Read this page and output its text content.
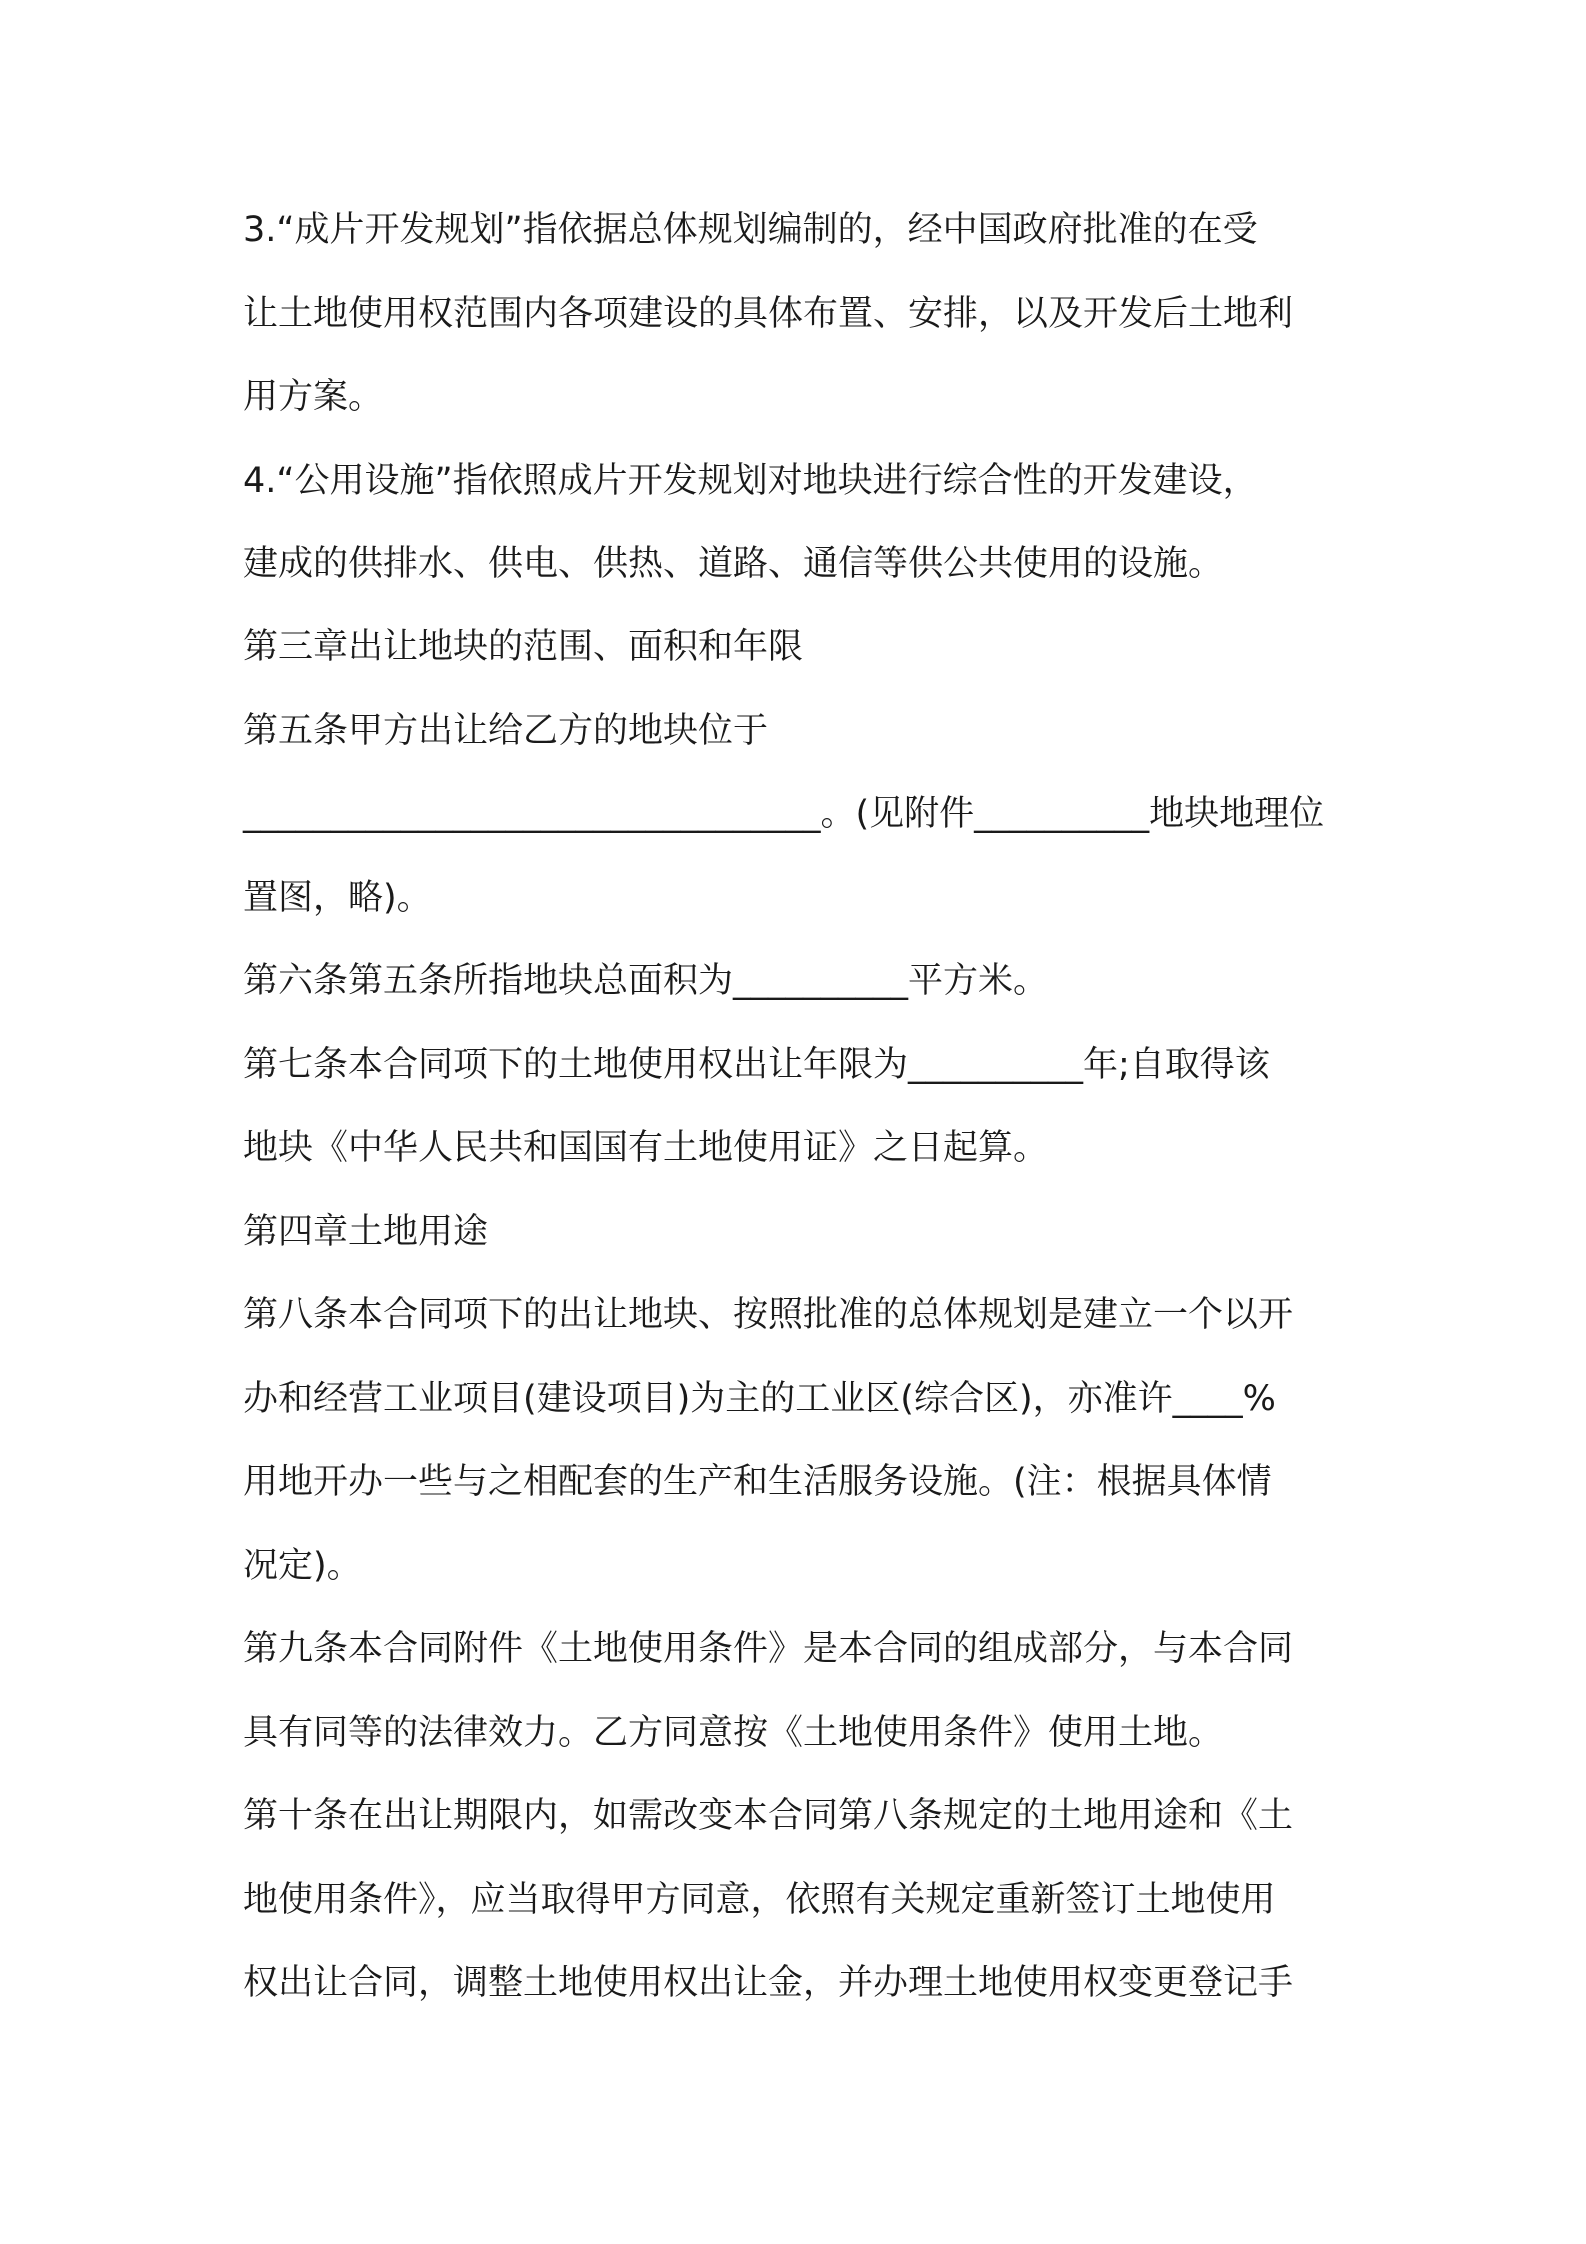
3.“成片开发规划”指依据总体规划编制的，经中国政府批准的在受
让土地使用权范围内各项建设的具体布置、安排，以及开发后土地利
用方案。
4.“公用设施”指依照成片开发规划对地块进行综合性的开发建设，
建成的供排水、供电、供热、道路、通信等供公共使用的设施。
第三章出让地块的范围、面积和年限
第五条甲方出让给乙方的地块位于
_________________________________。(见附件__________地块地理位
置图，略)。
第六条第五条所指地块总面积为__________平方米。
第七条本合同项下的土地使用权出让年限为__________年;自取得该
地块《中华人民共和国国有土地使用证》之日起算。
第四章土地用途
第八条本合同项下的出让地块、按照批准的总体规划是建立一个以开
办和经营工业项目(建设项目)为主的工业区(综合区)，亦准许____%
用地开办一些与之相配套的生产和生活服务设施。(注：根据具体情
况定)。
第九条本合同附件《土地使用条件》是本合同的组成部分，与本合同
具有同等的法律效力。乙方同意按《土地使用条件》使用土地。
第十条在出让期限内，如需改变本合同第八条规定的土地用途和《土
地使用条件》，应当取得甲方同意，依照有关规定重新签订土地使用
权出让合同，调整土地使用权出让金，并办理土地使用权变更登记手
